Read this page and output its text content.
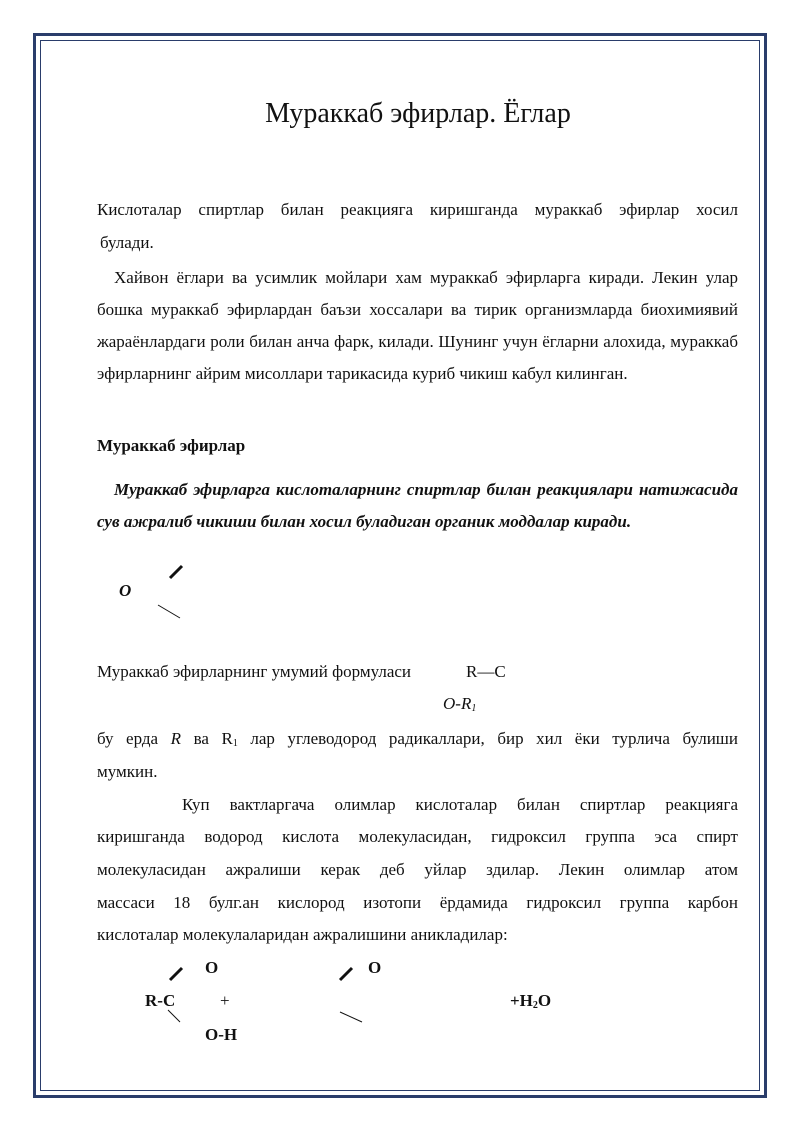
Мураккаб эфирлар. Ёглар
Кислоталар спиртлар билан реакцияга киришганда мураккаб эфирлар хосил
булади.
Хайвон ёглари ва усимлик мойлари хам мураккаб эфирларга киради. Лекин улар бошка мураккаб эфирлардан баъзи хоссалари ва тирик организмларда биохимиявий жараёнлардаги роли билан анча фарк, килади. Шунинг учун ёгларни алохида, мураккаб эфирларнинг айрим мисоллари тарикасида куриб чикиш кабул килинган.
Мураккаб эфирлар
Мураккаб эфирларга кислоталарнинг спиртлар билан реакциялари натижасида сув ажралиб чикиши билан хосил буладиган органик моддалар киради.
O
Мураккаб эфирларнинг умумий формуласи	R—C
$O-R_1$
бу ерда R ва $R_1$ лар углеводород радикаллари, бир хил ёки турлича булиши
мумкин.
Куп вактларгача олимлар кислоталар билан спиртлар реакцияга
киришганда водород кислота молекуласидан, гидроксил группа эса спирт
молекуласидан ажралиши керак деб уйлар здилар. Лекин олимлар атом
массаси 18 булг.ан кислород изотопи ёрдамида гидроксил группа карбон
кислоталар молекулаларидан ажралишини аникладилар:
O	O
R-C	+	$+H_2O$
O-H
